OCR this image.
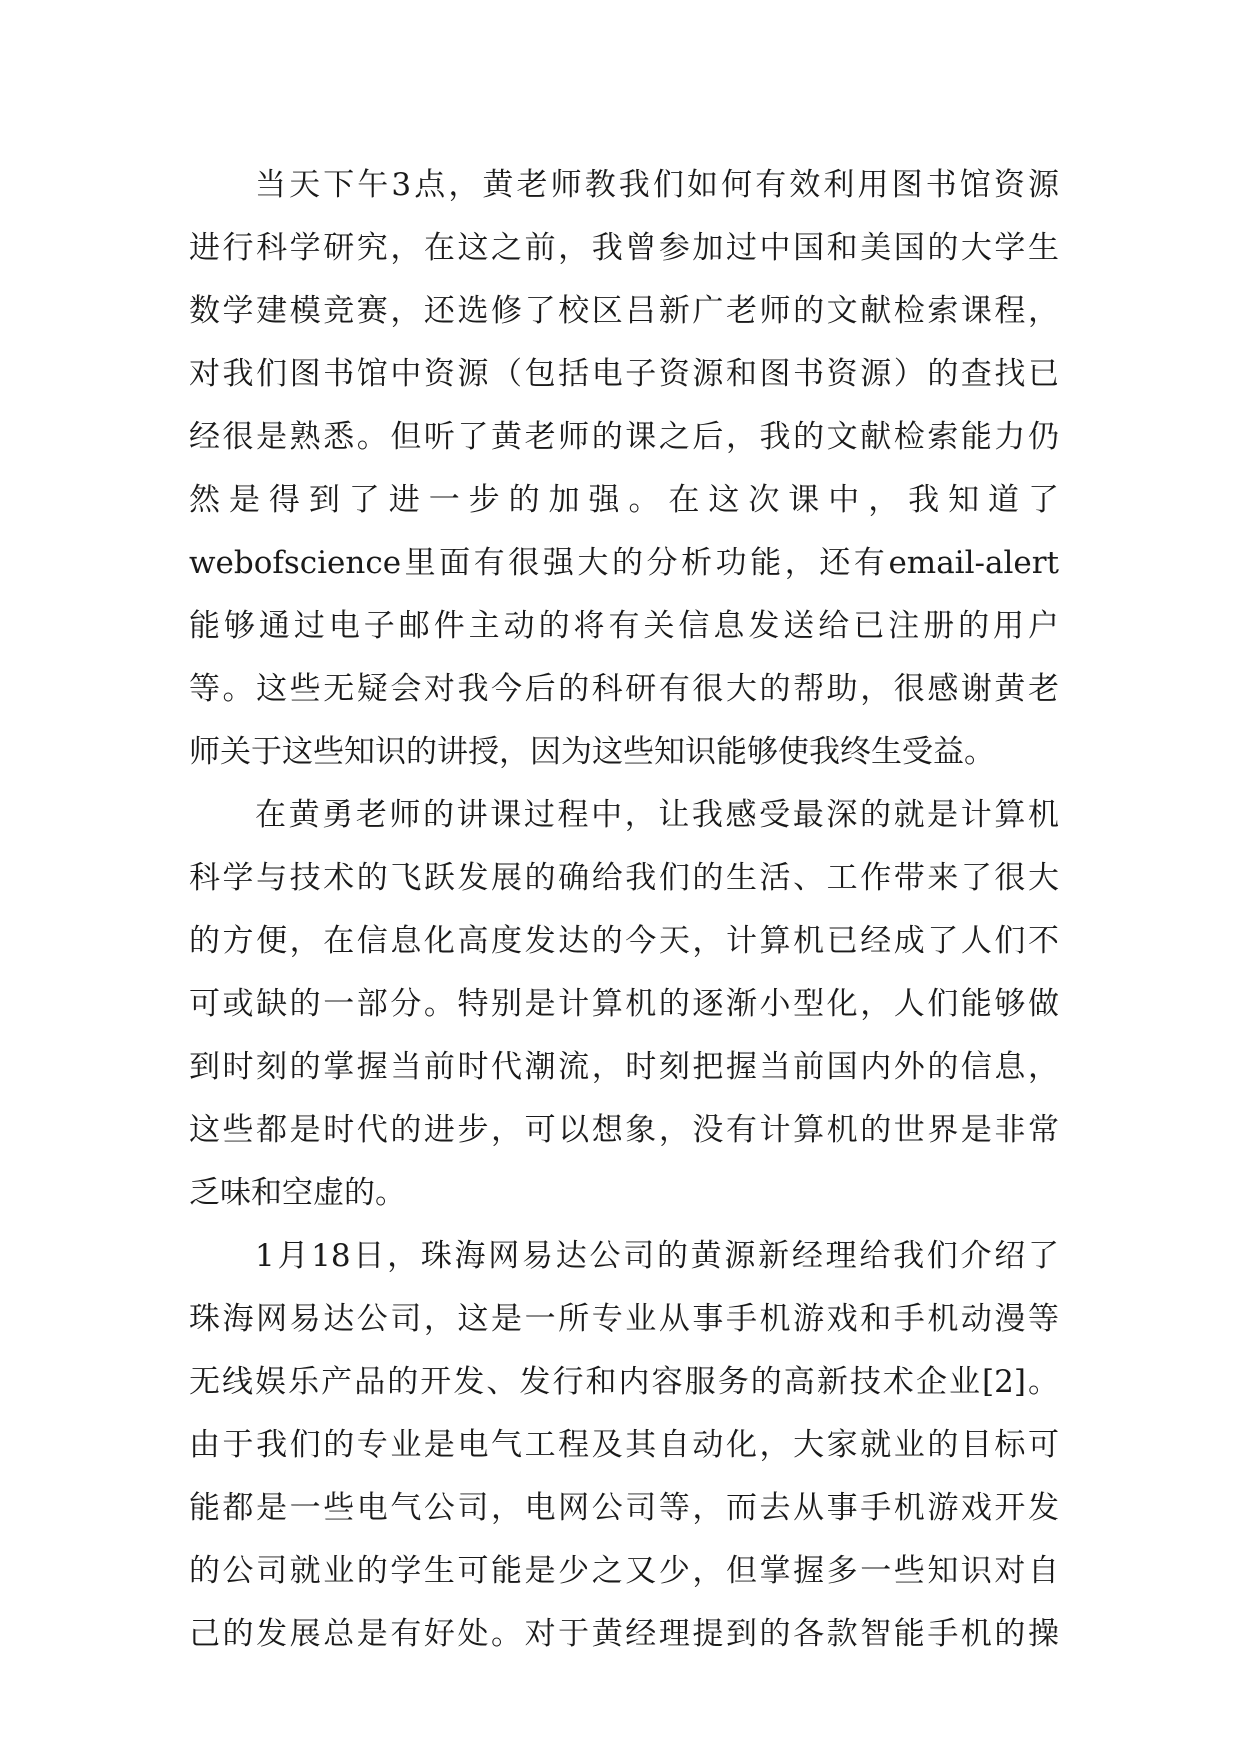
当天下午3点，黄老师教我们如何有效利用图书馆资源
进行科学研究，在这之前，我曾参加过中国和美国的大学生
数学建模竞赛，还选修了校区吕新广老师的文献检索课程，
对我们图书馆中资源（包括电子资源和图书资源）的查找已
经很是熟悉。但听了黄老师的课之后，我的文献检索能力仍
然是得到了进一步的加强。在这次课中，我知道了
webofscience里面有很强大的分析功能，还有email-alert
能够通过电子邮件主动的将有关信息发送给已注册的用户
等。这些无疑会对我今后的科研有很大的帮助，很感谢黄老
师关于这些知识的讲授，因为这些知识能够使我终生受益。
在黄勇老师的讲课过程中，让我感受最深的就是计算机
科学与技术的飞跃发展的确给我们的生活、工作带来了很大
的方便，在信息化高度发达的今天，计算机已经成了人们不
可或缺的一部分。特别是计算机的逐渐小型化，人们能够做
到时刻的掌握当前时代潮流，时刻把握当前国内外的信息，
这些都是时代的进步，可以想象，没有计算机的世界是非常
乏味和空虚的。
1月18日，珠海网易达公司的黄源新经理给我们介绍了
珠海网易达公司，这是一所专业从事手机游戏和手机动漫等
无线娱乐产品的开发、发行和内容服务的高新技术企业[2]。
由于我们的专业是电气工程及其自动化，大家就业的目标可
能都是一些电气公司，电网公司等，而去从事手机游戏开发
的公司就业的学生可能是少之又少，但掌握多一些知识对自
己的发展总是有好处。对于黄经理提到的各款智能手机的操
